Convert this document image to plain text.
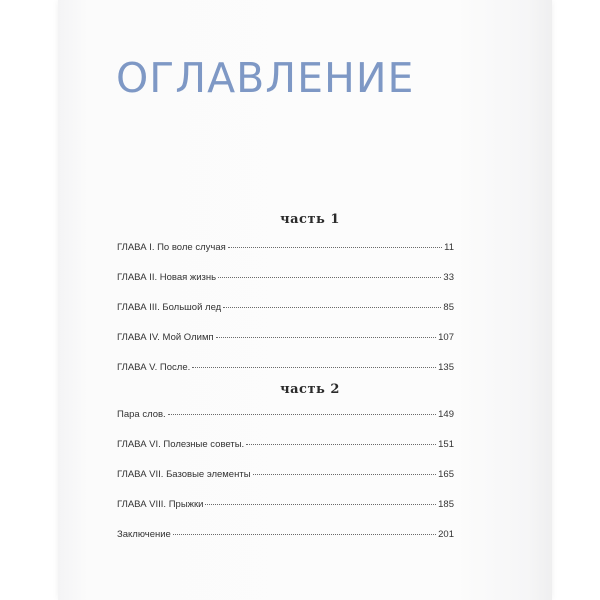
ОГЛАВЛЕНИЕ
часть 1
ГЛАВА I. По воле случая	11
ГЛАВА II. Новая жизнь	33
ГЛАВА III. Большой лед	85
ГЛАВА IV. Мой Олимп	107
ГЛАВА V. После.	135
часть 2
Пара слов.	149
ГЛАВА VI. Полезные советы.	151
ГЛАВА VII. Базовые элементы	165
ГЛАВА VIII. Прыжки	185
Заключение	201
